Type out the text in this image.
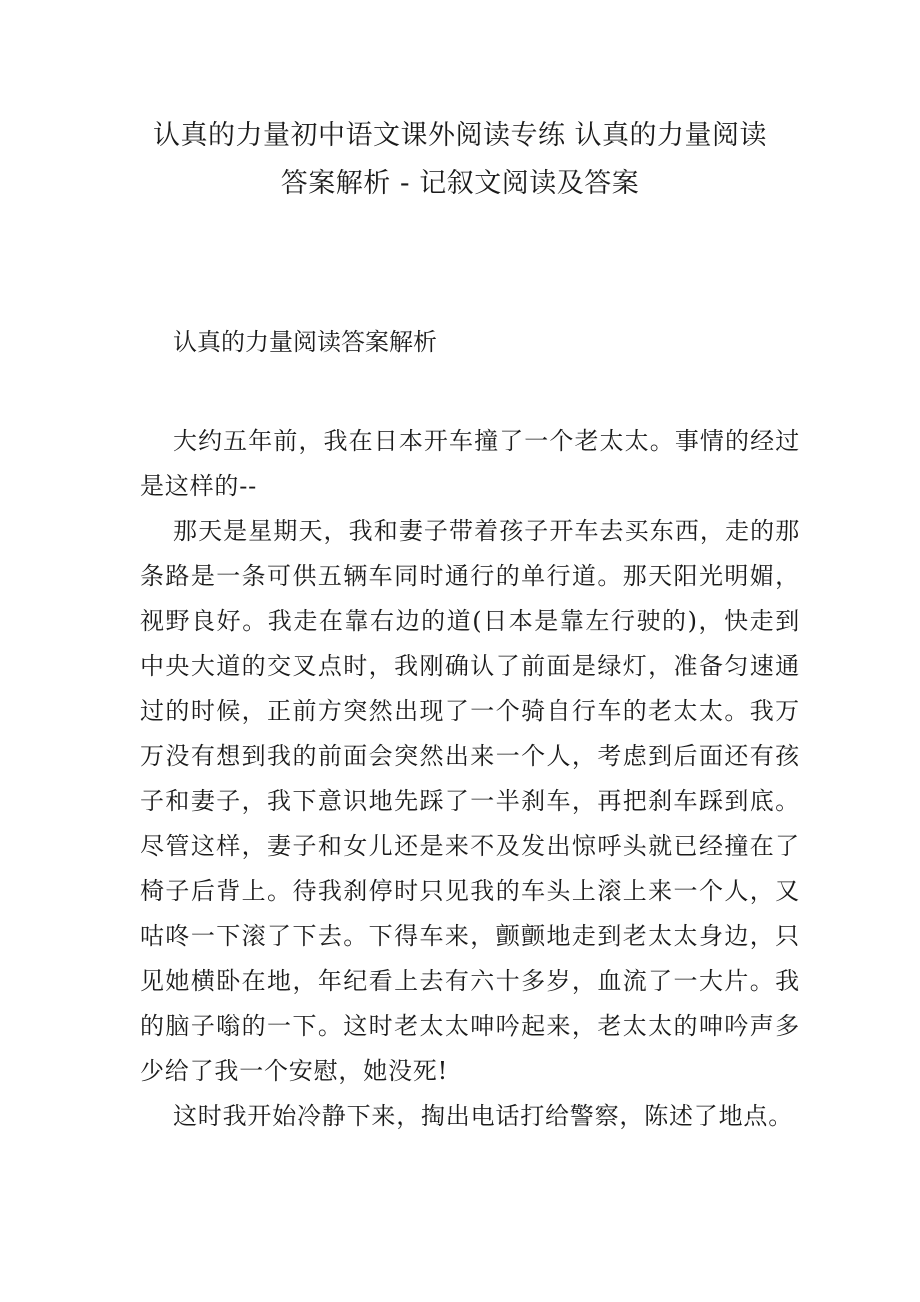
认真的力量初中语文课外阅读专练 认真的力量阅读
答案解析 - 记叙文阅读及答案

认真的力量阅读答案解析

大约五年前，我在日本开车撞了一个老太太。事情的经过是这样的--

那天是星期天，我和妻子带着孩子开车去买东西，走的那条路是一条可供五辆车同时通行的单行道。那天阳光明媚，视野良好。我走在靠右边的道(日本是靠左行驶的)，快走到中央大道的交叉点时，我刚确认了前面是绿灯，准备匀速通过的时候，正前方突然出现了一个骑自行车的老太太。我万万没有想到我的前面会突然出来一个人，考虑到后面还有孩子和妻子，我下意识地先踩了一半刹车，再把刹车踩到底。尽管这样，妻子和女儿还是来不及发出惊呼头就已经撞在了椅子后背上。待我刹停时只见我的车头上滚上来一个人，又咕咚一下滚了下去。下得车来，颤颤地走到老太太身边，只见她横卧在地，年纪看上去有六十多岁，血流了一大片。我的脑子嗡的一下。这时老太太呻吟起来，老太太的呻吟声多少给了我一个安慰，她没死!

这时我开始冷静下来，掏出电话打给警察，陈述了地点。
